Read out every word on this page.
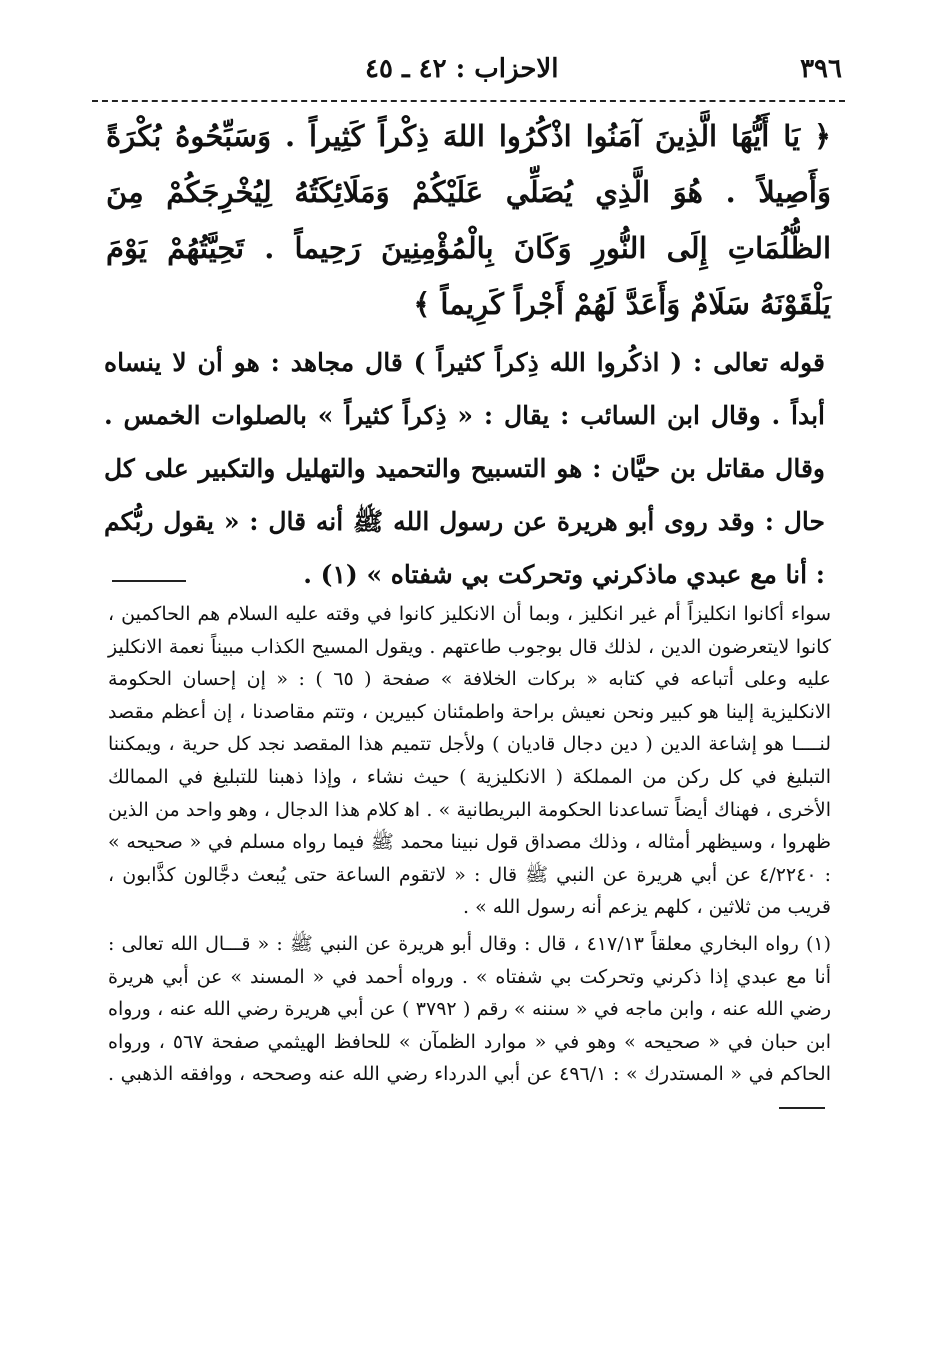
٣٩٦
الاحزاب : ٤٢ ـ ٤٥
﴿ يَا أَيُّهَا الَّذِينَ آمَنُوا اذْكُرُوا اللهَ ذِكْراً كَثِيراً . وَسَبِّحُوهُ بُكْرَةً وَأَصِيلاً . هُوَ الَّذِي يُصَلِّي عَلَيْكُمْ وَمَلَائِكَتُهُ لِيُخْرِجَكُمْ مِنَ الظُّلُمَاتِ إِلَى النُّورِ وَكَانَ بِالْمُؤْمِنِينَ رَحِيماً . تَحِيَّتُهُمْ يَوْمَ يَلْقَوْنَهُ سَلَامٌ وَأَعَدَّ لَهُمْ أَجْراً كَرِيماً ﴾
قوله تعالى : ( اذكُروا الله ذِكراً كثيراً ) قال مجاهد : هو أن لا ينساه أبداً . وقال ابن السائب : يقال : « ذِكراً كثيراً » بالصلوات الخمس . وقال مقاتل بن حيَّان : هو التسبيح والتحميد والتهليل والتكبير على كل حال : وقد روى أبو هريرة عن رسول الله ﷺ أنه قال : « يقول ربُّكم : أنا مع عبدي ماذكرني وتحركت بي شفتاه » (١) .

سواء أكانوا انكليزاً أم غير انكليز ، وبما أن الانكليز كانوا في وقته عليه السلام هم الحاكمين ، كانوا لايتعرضون الدين ، لذلك قال بوجوب طاعتهم . ويقول المسيح الكذاب مبيناً نعمة الانكليز عليه وعلى أتباعه في كتابه « بركات الخلافة » صفحة ( ٦٥ ) : « إن إحسان الحكومة الانكليزية إلينا هو كبير ونحن نعيش براحة واطمئنان كبيرين ، وتتم مقاصدنا ، إن أعظم مقصد لنــــا هو إشاعة الدين ( دين دجال قاديان ) ولأجل تتميم هذا المقصد نجد كل حرية ، ويمكننا التبليغ في كل ركن من المملكة ( الانكليزية ) حيث نشاء ، وإذا ذهبنا للتبليغ في الممالك الأخرى ، فهناك أيضاً تساعدنا الحكومة البريطانية » . اﻫ كلام هذا الدجال ، وهو واحد من الذين ظهروا ، وسيظهر أمثاله ، وذلك مصداق قول نبينا محمد ﷺ فيما رواه مسلم في « صحيحه » : ٤/٢٢٤٠ عن أبي هريرة عن النبي ﷺ قال : « لاتقوم الساعة حتى يُبعث دجَّالون كذَّابون ، قريب من ثلاثين ، كلهم يزعم أنه رسول الله » .

(١) رواه البخاري معلقاً ٤١٧/١٣ ، قال : وقال أبو هريرة عن النبي ﷺ : « قـــال الله تعالى : أنا مع عبدي إذا ذكرني وتحركت بي شفتاه » . ورواه أحمد في « المسند » عن أبي هريرة رضي الله عنه ، وابن ماجه في « سننه » رقم ( ٣٧٩٢ ) عن أبي هريرة رضي الله عنه ، ورواه ابن حبان في « صحيحه » وهو في « موارد الظمآن » للحافظ الهيثمي صفحة ٥٦٧ ، ورواه الحاكم في « المستدرك » : ٤٩٦/١ عن أبي الدرداء رضي الله عنه وصححه ، ووافقه الذهبي .
